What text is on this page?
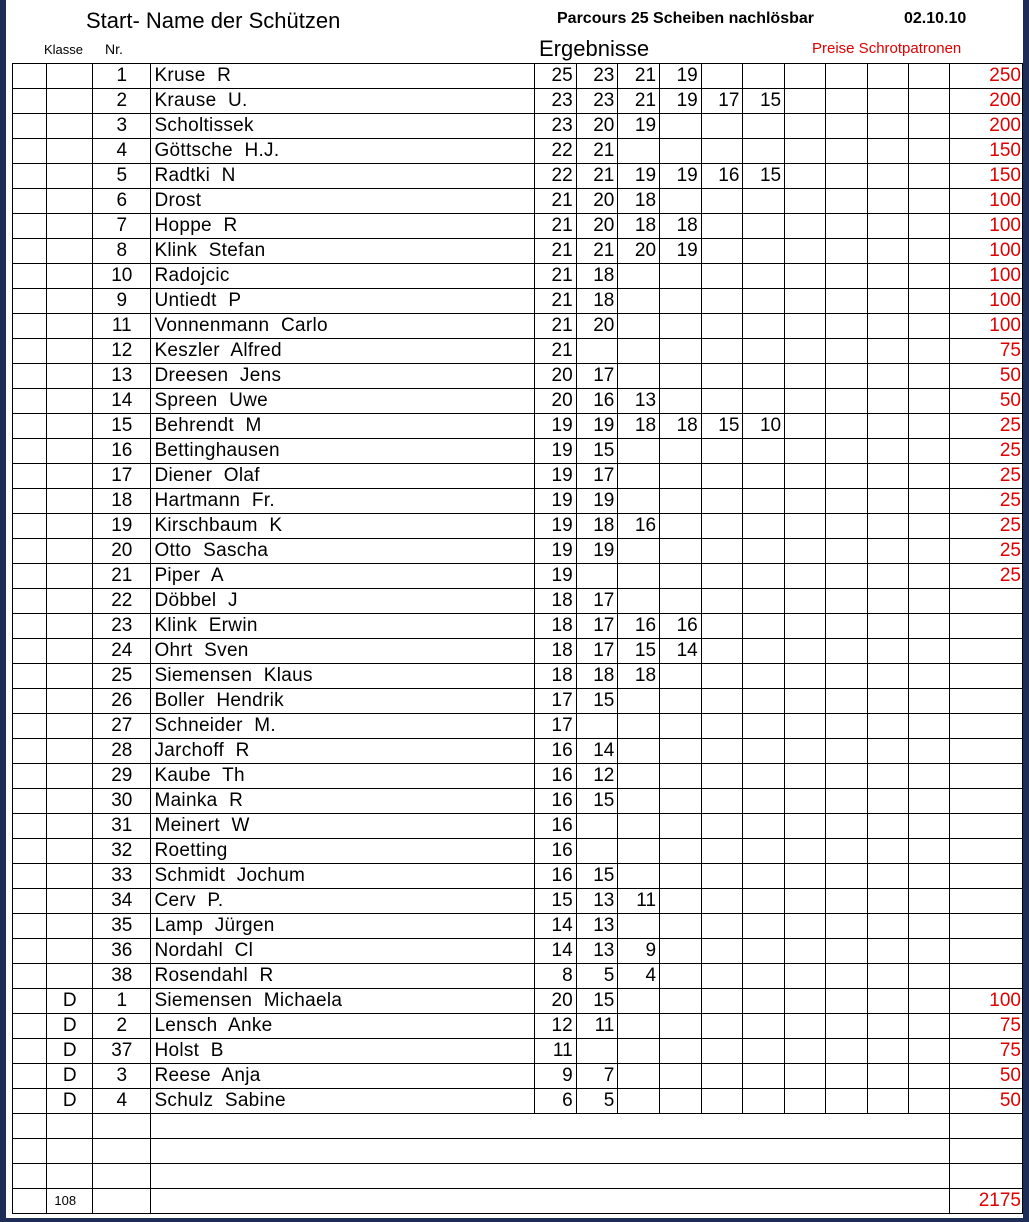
Start- Name der Schützen	Parcours 25 Scheiben nachlösbar	02.10.10
Klasse Nr.	Ergebnisse	Preise Schrotpatronen
		1	Kruse R	25	23	21	19							250
		2	Krause U.	23	23	21	19	17	15					200
		3	Scholtissek	23	20	19								200
		4	Göttsche H.J.	22	21									150
		5	Radtki N	22	21	19	19	16	15					150
		6	Drost	21	20	18								100
		7	Hoppe R	21	20	18	18							100
		8	Klink Stefan	21	21	20	19							100
		10	Radojcic	21	18									100
		9	Untiedt P	21	18									100
		11	Vonnenmann Carlo	21	20									100
		12	Keszler Alfred	21										75
		13	Dreesen Jens	20	17									50
		14	Spreen Uwe	20	16	13								50
		15	Behrendt M	19	19	18	18	15	10					25
		16	Bettinghausen	19	15									25
		17	Diener Olaf	19	17									25
		18	Hartmann Fr.	19	19									25
		19	Kirschbaum K	19	18	16								25
		20	Otto Sascha	19	19									25
		21	Piper A	19										25
		22	Döbbel J	18	17									
		23	Klink Erwin	18	17	16	16							
		24	Ohrt Sven	18	17	15	14							
		25	Siemensen Klaus	18	18	18								
		26	Boller Hendrik	17	15									
		27	Schneider M.	17										
		28	Jarchoff R	16	14									
		29	Kaube Th	16	12									
		30	Mainka R	16	15									
		31	Meinert W	16										
		32	Roetting	16										
		33	Schmidt Jochum	16	15									
		34	Cerv P.	15	13	11								
		35	Lamp Jürgen	14	13									
		36	Nordahl Cl	14	13	9								
		38	Rosendahl R	8	5	4								
	D	1	Siemensen Michaela	20	15									100
	D	2	Lensch Anke	12	11									75
	D	37	Holst B	11										75
	D	3	Reese Anja	9	7									50
	D	4	Schulz Sabine	6	5									50

	108													2175
